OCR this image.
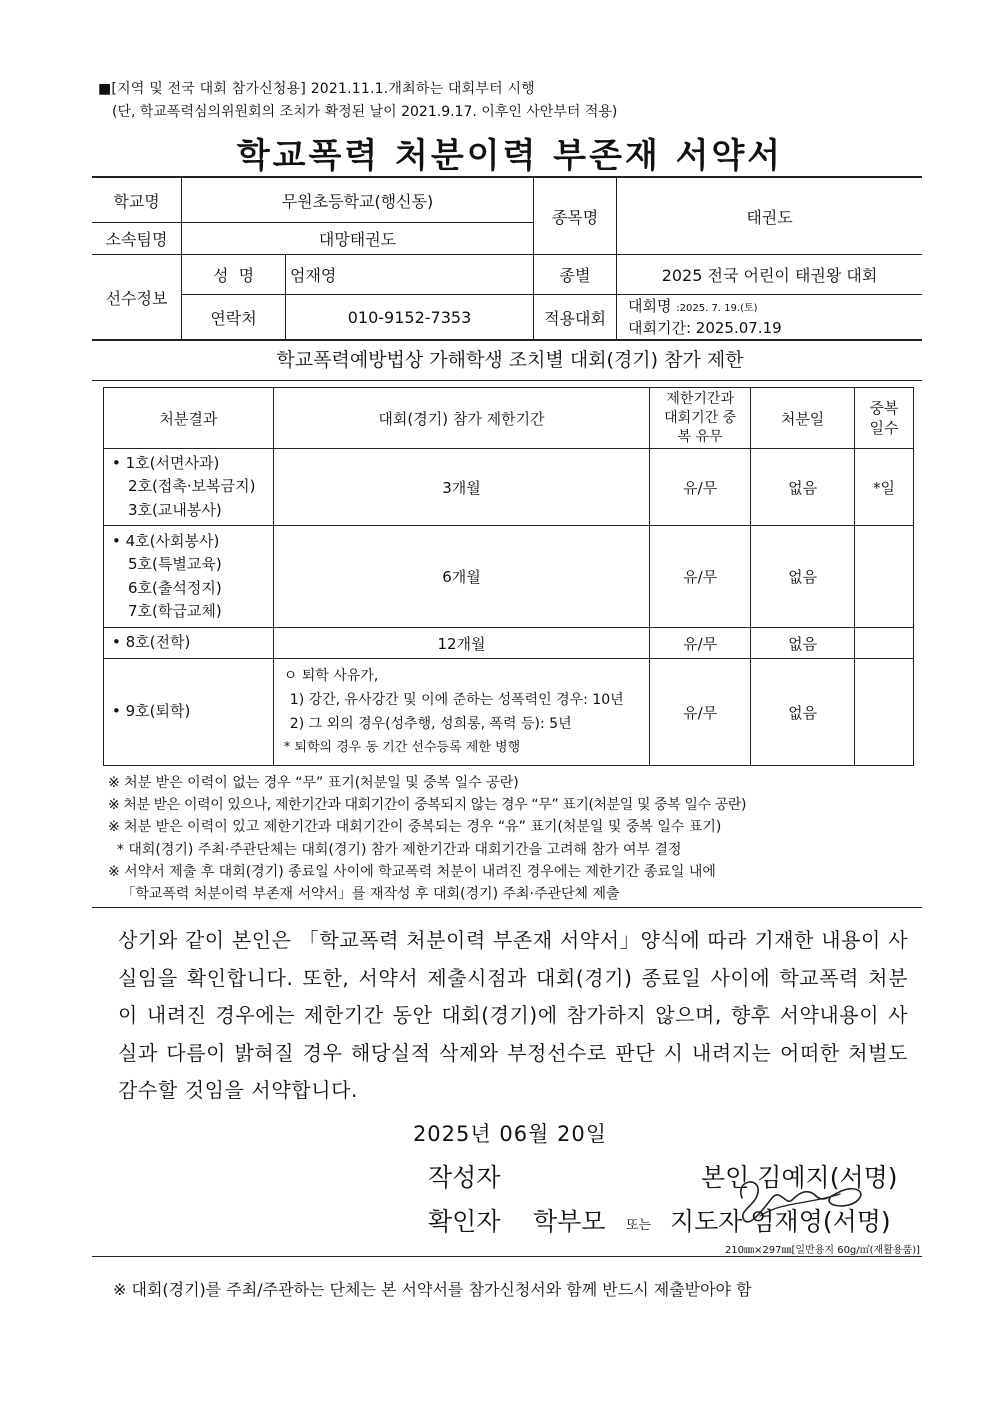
■[지역 및 전국 대회 참가신청용] 2021.11.1.개최하는 대회부터 시행
(단, 학교폭력심의위원회의 조치가 확정된 날이 2021.9.17. 이후인 사안부터 적용)
학교폭력 처분이력 부존재 서약서
학교명	무원초등학교(행신동)
종목명	태권도
소속팀명	대망태권도
선수정보
성  명	엄재영	종별	2025 전국 어린이 태권왕 대회
연락처	010-9152-7353	적용대회
대회명 :2025. 7. 19.(토)
대회기간: 2025.07.19
학교폭력예방법상 가해학생 조치별 대회(경기) 참가 제한
처분결과	대회(경기) 참가 제한기간	제한기간과 대회기간 중복 유무	처분일	중복 일수

• 1호(서면사과)
2호(접촉·보복금지)
3호(교내봉사)	3개월	유/무	없음	*일

• 4호(사회봉사)
5호(특별교육)
6호(출석정지)
7호(학급교체)	6개월	유/무	없음	
• 8호(전학)	12개월	유/무	없음	
• 9호(퇴학)	ㅇ 퇴학 사유가,
1) 강간, 유사강간 및 이에 준하는 성폭력인 경우: 10년
2) 그 외의 경우(성추행, 성희롱, 폭력 등): 5년
* 퇴학의 경우 동 기간 선수등록 제한 병행	유/무	없음	
※ 처분 받은 이력이 없는 경우 “무” 표기(처분일 및 중복 일수 공란)
※ 처분 받은 이력이 있으나, 제한기간과 대회기간이 중복되지 않는 경우 “무” 표기(처분일 및 중복 일수 공란)
※ 처분 받은 이력이 있고 제한기간과 대회기간이 중복되는 경우 “유” 표기(처분일 및 중복 일수 표기)
* 대회(경기) 주최·주관단체는 대회(경기) 참가 제한기간과 대회기간을 고려해 참가 여부 결정
※ 서약서 제출 후 대회(경기) 종료일 사이에 학교폭력 처분이 내려진 경우에는 제한기간 종료일 내에
「학교폭력 처분이력 부존재 서약서」를 재작성 후 대회(경기) 주최·주관단체 제출
상기와 같이 본인은 「학교폭력 처분이력 부존재 서약서」양식에 따라 기재한 내용이 사실임을 확인합니다. 또한, 서약서 제출시점과 대회(경기) 종료일 사이에 학교폭력 처분이 내려진 경우에는 제한기간 동안 대회(경기)에 참가하지 않으며, 향후 서약내용이 사실과 다름이 밝혀질 경우 해당실적 삭제와 부정선수로 판단 시 내려지는 어떠한 처벌도 감수할 것임을 서약합니다.
2025년 06월 20일
작성자	본인 김예지(서명)
확인자 학부모 또는 지도자 엄재영(서명)
210㎜×297㎜[일반용지 60g/㎡(재활용품)]
※ 대회(경기)를 주최/주관하는 단체는 본 서약서를 참가신청서와 함께 반드시 제출받아야 함
